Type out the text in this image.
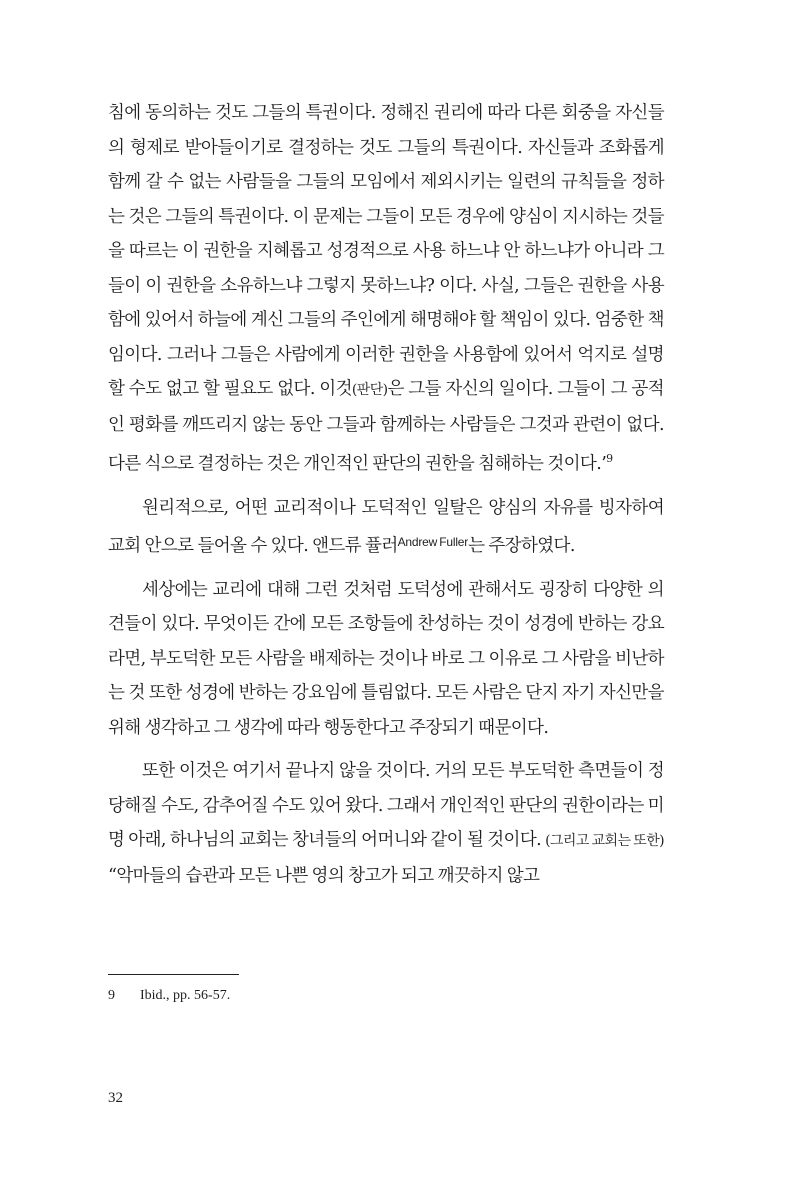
침에 동의하는 것도 그들의 특권이다. 정해진 권리에 따라 다른 회중을 자신들의 형제로 받아들이기로 결정하는 것도 그들의 특권이다. 자신들과 조화롭게 함께 갈 수 없는 사람들을 그들의 모임에서 제외시키는 일련의 규칙들을 정하는 것은 그들의 특권이다. 이 문제는 그들이 모든 경우에 양심이 지시하는 것들을 따르는 이 권한을 지혜롭고 성경적으로 사용 하느냐 안 하느냐가 아니라 그들이 이 권한을 소유하느냐 그렇지 못하느냐? 이다. 사실, 그들은 권한을 사용함에 있어서 하늘에 계신 그들의 주인에게 해명해야 할 책임이 있다. 엄중한 책임이다. 그러나 그들은 사람에게 이러한 권한을 사용함에 있어서 억지로 설명할 수도 없고 할 필요도 없다. 이것(판단)은 그들 자신의 일이다. 그들이 그 공적인 평화를 깨뜨리지 않는 동안 그들과 함께하는 사람들은 그것과 관련이 없다. 다른 식으로 결정하는 것은 개인적인 판단의 권한을 침해하는 것이다.’$^9$

원리적으로, 어떤 교리적이나 도덕적인 일탈은 양심의 자유를 빙자하여 교회 안으로 들어올 수 있다. 앤드류 퓰러$^{Andrew Fuller}$는 주장하였다.

세상에는 교리에 대해 그런 것처럼 도덕성에 관해서도 굉장히 다양한 의견들이 있다. 무엇이든 간에 모든 조항들에 찬성하는 것이 성경에 반하는 강요라면, 부도덕한 모든 사람을 배제하는 것이나 바로 그 이유로 그 사람을 비난하는 것 또한 성경에 반하는 강요임에 틀림없다. 모든 사람은 단지 자기 자신만을 위해 생각하고 그 생각에 따라 행동한다고 주장되기 때문이다.

또한 이것은 여기서 끝나지 않을 것이다. 거의 모든 부도덕한 측면들이 정당해질 수도, 감추어질 수도 있어 왔다. 그래서 개인적인 판단의 권한이라는 미명 아래, 하나님의 교회는 창녀들의 어머니와 같이 될 것이다. (그리고 교회는 또한) “악마들의 습관과 모든 나쁜 영의 창고가 되고 깨끗하지 않고

9 Ibid., pp. 56-57.
32
